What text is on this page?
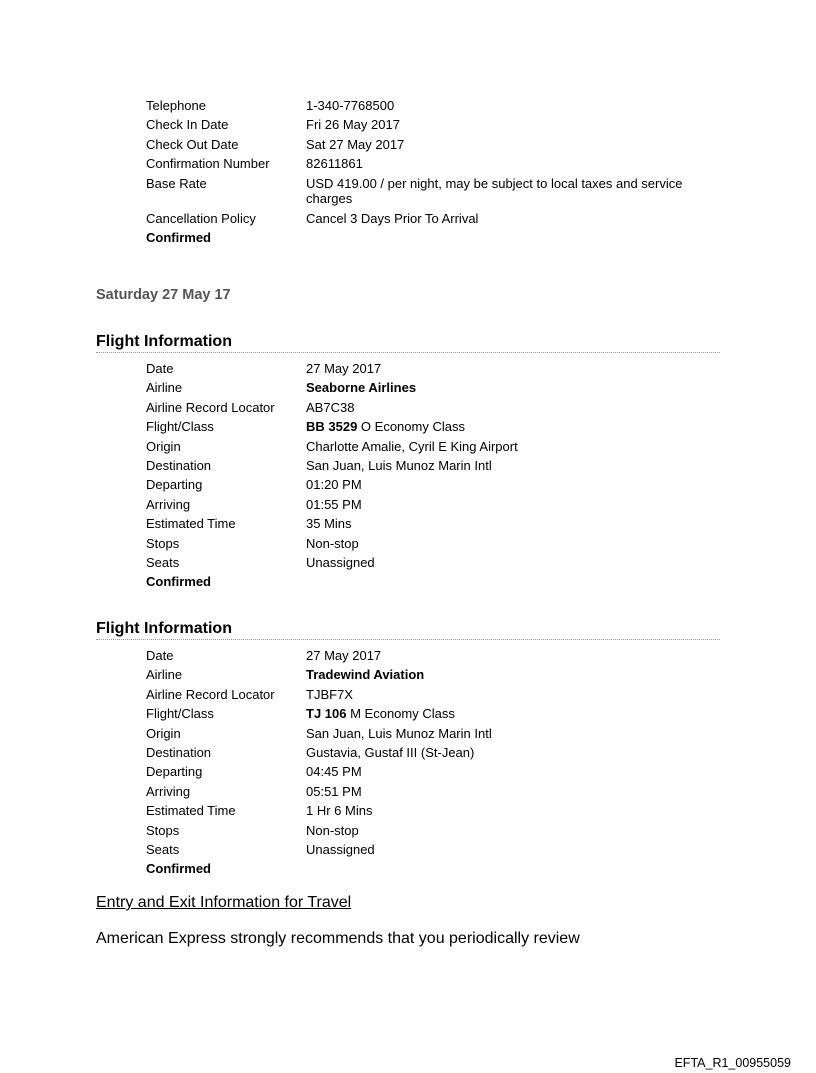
Telephone	1-340-7768500
Check In Date	Fri 26 May 2017
Check Out Date	Sat 27 May 2017
Confirmation Number	82611861
Base Rate	USD 419.00 / per night, may be subject to local taxes and service charges
Cancellation Policy	Cancel 3 Days Prior To Arrival
Confirmed
Saturday 27 May 17
Flight Information
Date	27 May 2017
Airline	Seaborne Airlines
Airline Record Locator	AB7C38
Flight/Class	BB 3529 O Economy Class
Origin	Charlotte Amalie, Cyril E King Airport
Destination	San Juan, Luis Munoz Marin Intl
Departing	01:20 PM
Arriving	01:55 PM
Estimated Time	35 Mins
Stops	Non-stop
Seats	Unassigned
Confirmed
Flight Information
Date	27 May 2017
Airline	Tradewind Aviation
Airline Record Locator	TJBF7X
Flight/Class	TJ 106 M Economy Class
Origin	San Juan, Luis Munoz Marin Intl
Destination	Gustavia, Gustaf III (St-Jean)
Departing	04:45 PM
Arriving	05:51 PM
Estimated Time	1 Hr 6 Mins
Stops	Non-stop
Seats	Unassigned
Confirmed
Entry and Exit Information for Travel
American Express strongly recommends that you periodically review
EFTA_R1_00955059
